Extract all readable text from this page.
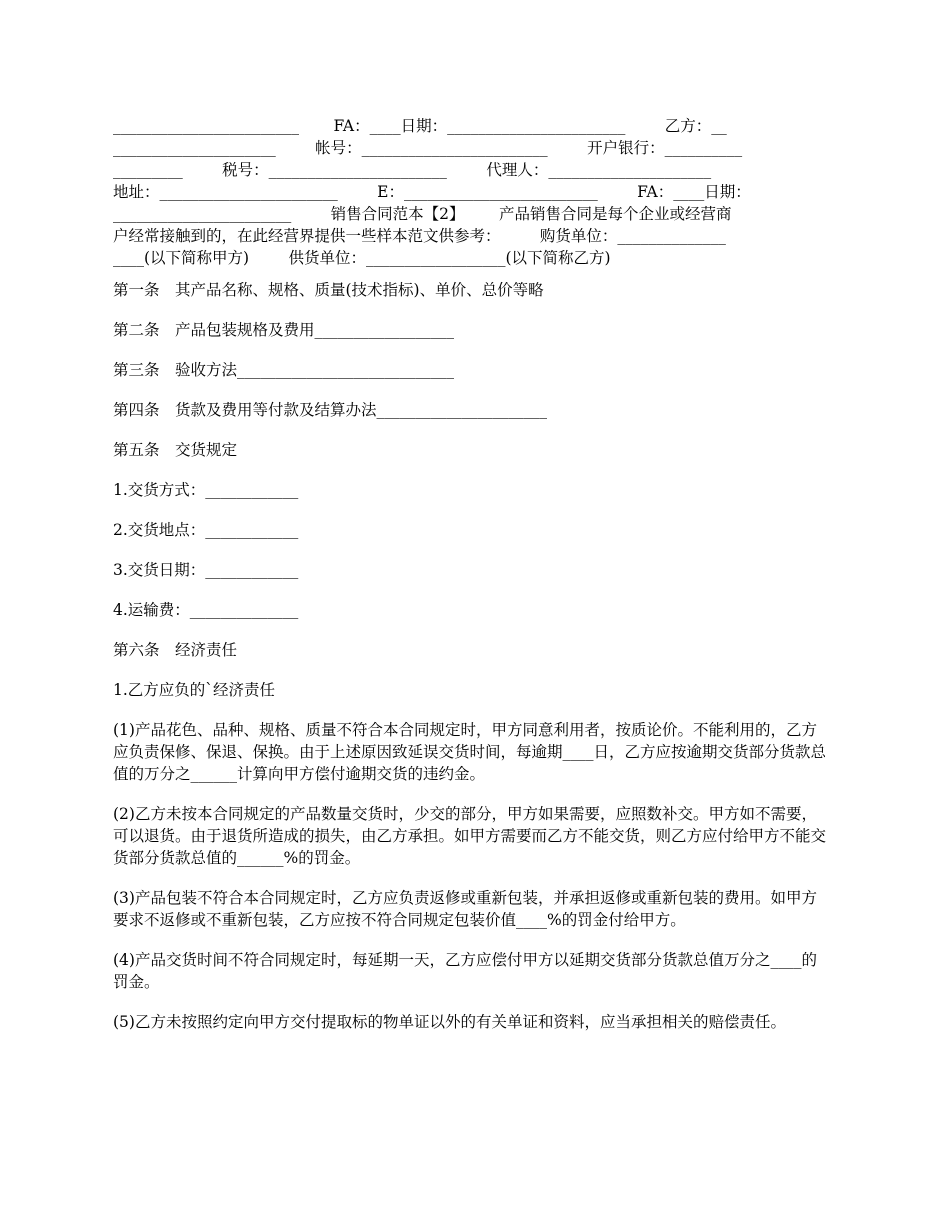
________________________       FA：____日期：_______________________        乙方：__

_____________________        帐号：________________________        开户银行：__________

_________        税号：_______________________        代理人：_____________________

地址：_______________________        E：_________________________        FA：____日期：

_______________________        销售合同范本【2】       产品销售合同是每个企业或经营商

户经常接触到的，在此经营界提供一些样本范文供参考：        购货单位：______________

____(以下简称甲方)        供货单位：__________________(以下简称乙方)

第一条　其产品名称、规格、质量(技术指标)、单价、总价等略

第二条　产品包装规格及费用__________________

第三条　验收方法____________________________

第四条　货款及费用等付款及结算办法______________________

第五条　交货规定

1.交货方式：____________

2.交货地点：____________

3.交货日期：____________

4.运输费：______________

第六条　经济责任

1.乙方应负的`经济责任

(1)产品花色、品种、规格、质量不符合本合同规定时，甲方同意利用者，按质论价。不能利用的，乙方应负责保修、保退、保换。由于上述原因致延误交货时间，每逾期____日，乙方应按逾期交货部分货款总值的万分之______计算向甲方偿付逾期交货的违约金。

(2)乙方未按本合同规定的产品数量交货时，少交的部分，甲方如果需要，应照数补交。甲方如不需要，可以退货。由于退货所造成的损失，由乙方承担。如甲方需要而乙方不能交货，则乙方应付给甲方不能交货部分货款总值的______%的罚金。

(3)产品包装不符合本合同规定时，乙方应负责返修或重新包装，并承担返修或重新包装的费用。如甲方要求不返修或不重新包装，乙方应按不符合同规定包装价值____%的罚金付给甲方。

(4)产品交货时间不符合同规定时，每延期一天，乙方应偿付甲方以延期交货部分货款总值万分之____的罚金。

(5)乙方未按照约定向甲方交付提取标的物单证以外的有关单证和资料，应当承担相关的赔偿责任。
